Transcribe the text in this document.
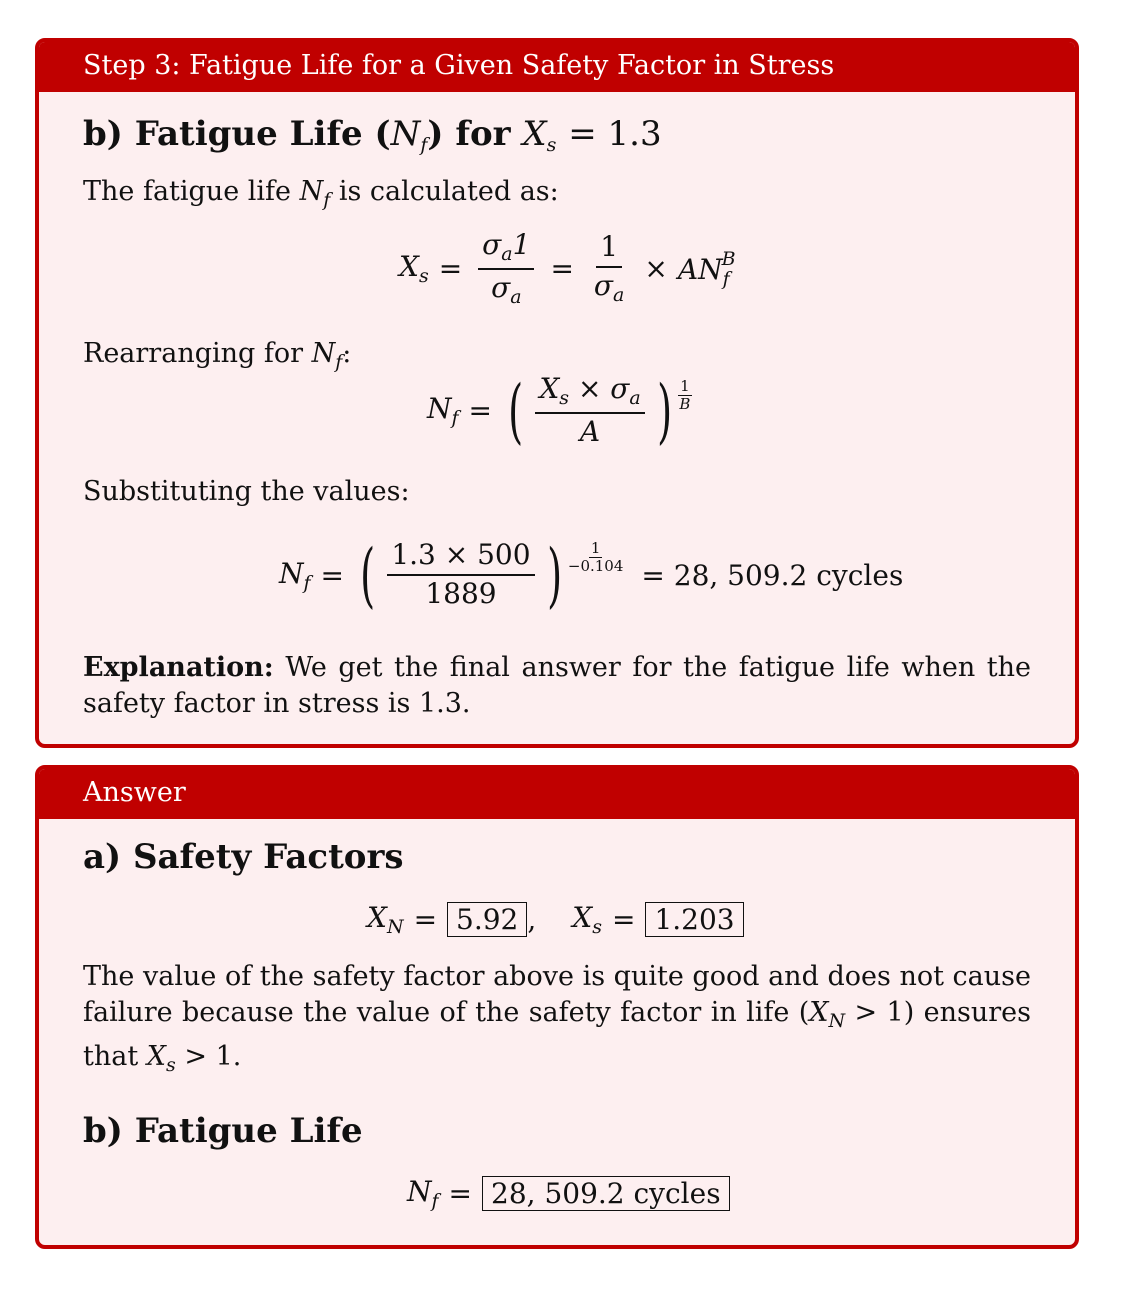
Step 3: Fatigue Life for a Given Safety Factor in Stress
b) Fatigue Life $(N_f)$ for $X_s = 1.3$
The fatigue life $N_f$ is calculated as:
$X_s = \frac{\sigma_a1}{\sigma_a} = \frac{1}{\sigma_a} \times AN_f^B$
Rearranging for $N_f$:
$N_f$ = ( $\frac{X_s \times \sigma_a}{A}$ ) $\frac{1}{B}$
Substituting the values:
$N_f$ = ( $\frac{1.3 \times 500}{1889}$ ) $\frac{1}{-0.104}$
= 28, 509.2 cycles
Explanation: We get the final answer for the fatigue life when the safety factor in stress is 1.3.
Answer
a) Safety Factors
$X_N = 5.92$ , $X_s = 1.203$
The value of the safety factor above is quite good and does not cause failure because the value of the safety factor in life $(X_N > 1)$ ensures that $X_s > 1$.
b) Fatigue Life
$N_f = 28$, 509.2 cycles
